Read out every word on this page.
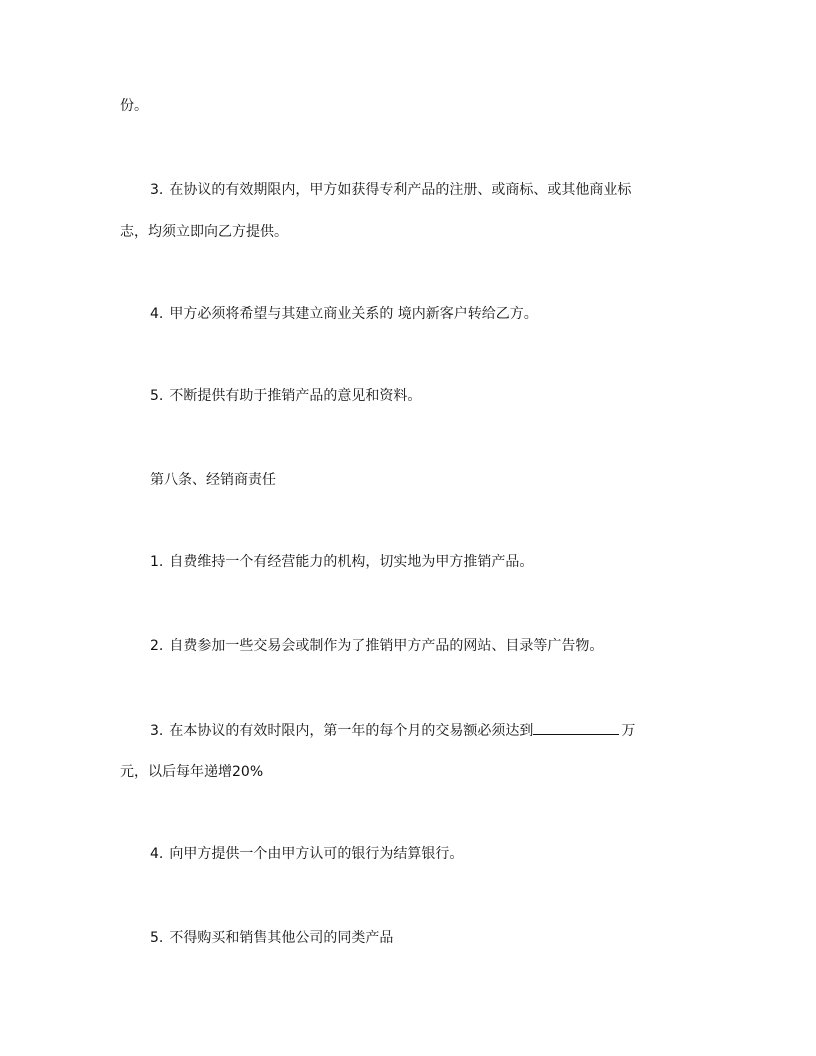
份。
3. 在协议的有效期限内，甲方如获得专利产品的注册、或商标、或其他商业标
志，均须立即向乙方提供。
4. 甲方必须将希望与其建立商业关系的 境内新客户转给乙方。
5. 不断提供有助于推销产品的意见和资料。
第八条、经销商责任
1. 自费维持一个有经营能力的机构，切实地为甲方推销产品。
2. 自费参加一些交易会或制作为了推销甲方产品的网站、目录等广告物。
3. 在本协议的有效时限内，第一年的每个月的交易额必须达到	万
元，以后每年递增20%
4. 向甲方提供一个由甲方认可的银行为结算银行。
5. 不得购买和销售其他公司的同类产品
